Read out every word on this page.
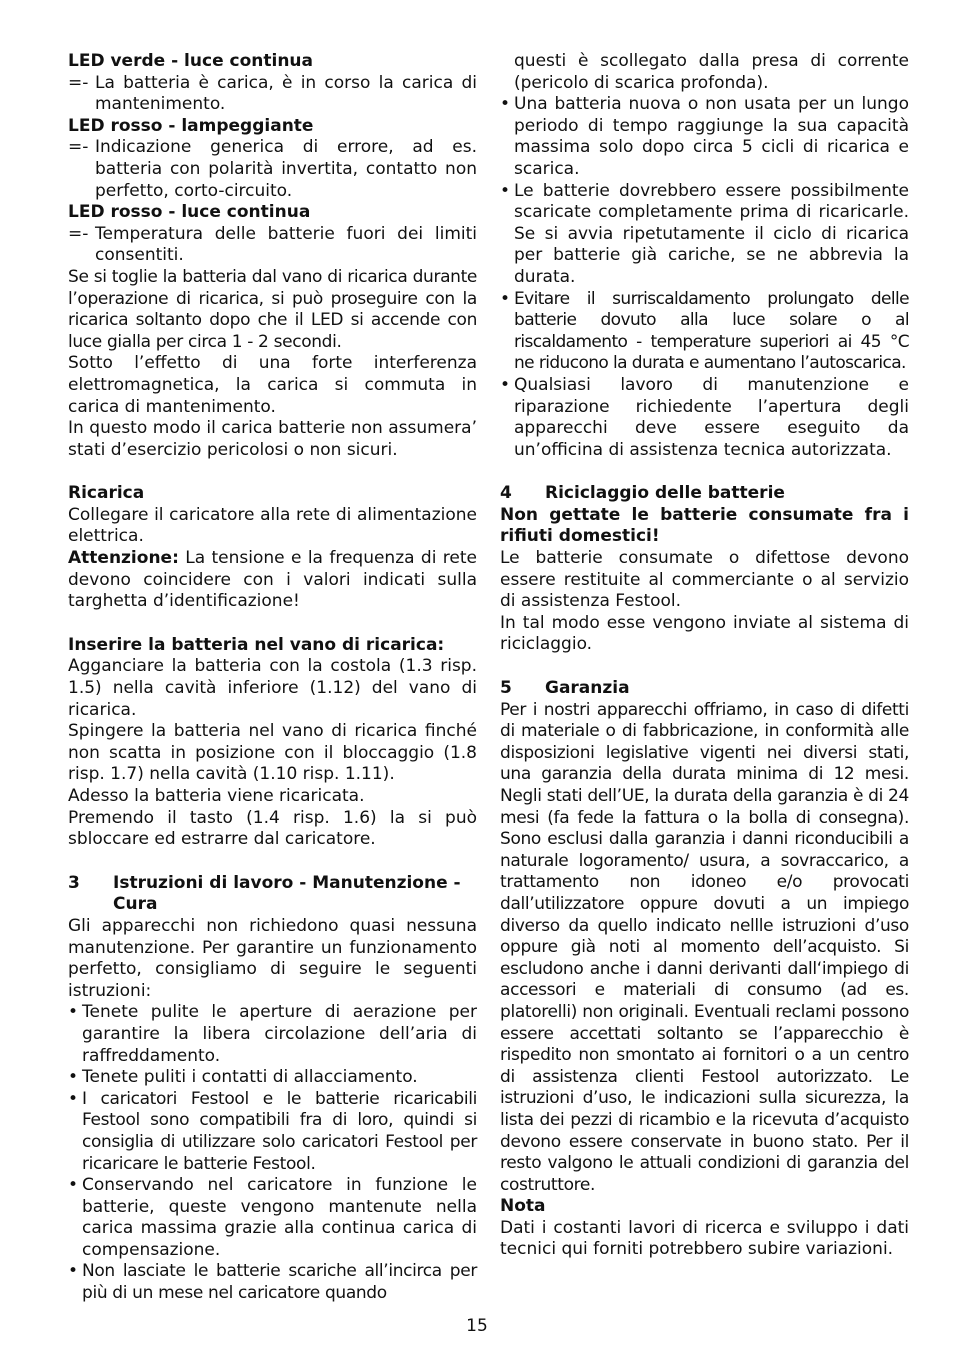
LED verde - luce continua

=- La batteria è carica, è in corso la carica di mantenimento.

LED rosso - lampeggiante

=- Indicazione generica di errore, ad es. batteria con polarità invertita, contatto non perfetto, corto-circuito.

LED rosso - luce continua

=- Temperatura delle batterie fuori dei limiti consentiti.

Se si toglie la batteria dal vano di ricarica durante l’operazione di ricarica, si può proseguire con la ricarica soltanto dopo che il LED si accende con luce gialla per circa 1 - 2 secondi.

Sotto l’effetto di una forte interferenza elettromagnetica, la carica si commuta in carica di mantenimento.

In questo modo il carica batterie non assumera’ stati d’esercizio pericolosi o non sicuri.

Ricarica

Collegare il caricatore alla rete di alimentazione elettrica.

Attenzione: La tensione e la frequenza di rete devono coincidere con i valori indicati sulla targhetta d’identificazione!

Inserire la batteria nel vano di ricarica:

Agganciare la batteria con la costola (1.3 risp. 1.5) nella cavità inferiore (1.12) del vano di ricarica.

Spingere la batteria nel vano di ricarica finché non scatta in posizione con il bloccaggio (1.8 risp. 1.7) nella cavità (1.10 risp. 1.11).

Adesso la batteria viene ricaricata.

Premendo il tasto (1.4 risp. 1.6) la si può sbloccare ed estrarre dal caricatore.

3	Istruzioni di lavoro - Manutenzione - Cura

Gli apparecchi non richiedono quasi nessuna manutenzione. Per garantire un funzionamento perfetto, consigliamo di seguire le seguenti istruzioni:

• Tenete pulite le aperture di aerazione per garantire la libera circolazione dell’aria di raffreddamento.
• Tenete puliti i contatti di allacciamento.
• I caricatori Festool e le batterie ricaricabili Festool sono compatibili fra di loro, quindi si consiglia di utilizzare solo caricatori Festool per ricaricare le batterie Festool.
• Conservando nel caricatore in funzione le batterie, queste vengono mantenute nella carica massima grazie alla continua carica di compensazione.
• Non lasciate le batterie scariche all’incirca per più di un mese nel caricatore quando
questi è scollegato dalla presa di corrente (pericolo di scarica profonda).
• Una batteria nuova o non usata per un lungo periodo di tempo raggiunge la sua capacità massima solo dopo circa 5 cicli di ricarica e scarica.
• Le batterie dovrebbero essere possibilmente scaricate completamente prima di ricaricarle. Se si avvia ripetutamente il ciclo di ricarica per batterie già cariche, se ne abbrevia la durata.
• Evitare il surriscaldamento prolungato delle batterie dovuto alla luce solare o al riscaldamento - temperature superiori ai 45 °C ne riducono la durata e aumentano l’autoscarica.
• Qualsiasi lavoro di manutenzione e riparazione richiedente l’apertura degli apparecchi deve essere eseguito da un’officina di assistenza tecnica autorizzata.
4	Riciclaggio delle batterie

Non gettate le batterie consumate fra i rifiuti domestici!

Le batterie consumate o difettose devono essere restituite al commerciante o al servizio di assistenza Festool.

In tal modo esse vengono inviate al sistema di riciclaggio.

5	Garanzia

Per i nostri apparecchi offriamo, in caso di difetti di materiale o di fabbricazione, in conformità alle disposizioni legislative vigenti nei diversi stati, una garanzia della durata minima di 12 mesi. Negli stati dell’UE, la durata della garanzia è di 24 mesi (fa fede la fattura o la bolla di consegna). Sono esclusi dalla garanzia i danni riconducibili a naturale logoramento/ usura, a sovraccarico, a trattamento non idoneo e/o provocati dall’utilizzatore oppure dovuti a un impiego diverso da quello indicato nellle istruzioni d’uso oppure già noti al momento dell’acquisto. Si escludono anche i danni derivanti dall‘impiego di accessori e materiali di consumo (ad es. platorelli) non originali. Eventuali reclami possono essere accettati soltanto se l’apparecchio è rispedito non smontato ai fornitori o a un centro di assistenza clienti Festool autorizzato. Le istruzioni d’uso, le indicazioni sulla sicurezza, la lista dei pezzi di ricambio e la ricevuta d’acquisto devono essere conservate in buono stato. Per il resto valgono le attuali condizioni di garanzia del costruttore.

Nota

Dati i costanti lavori di ricerca e sviluppo i dati tecnici qui forniti potrebbero subire variazioni.

15
